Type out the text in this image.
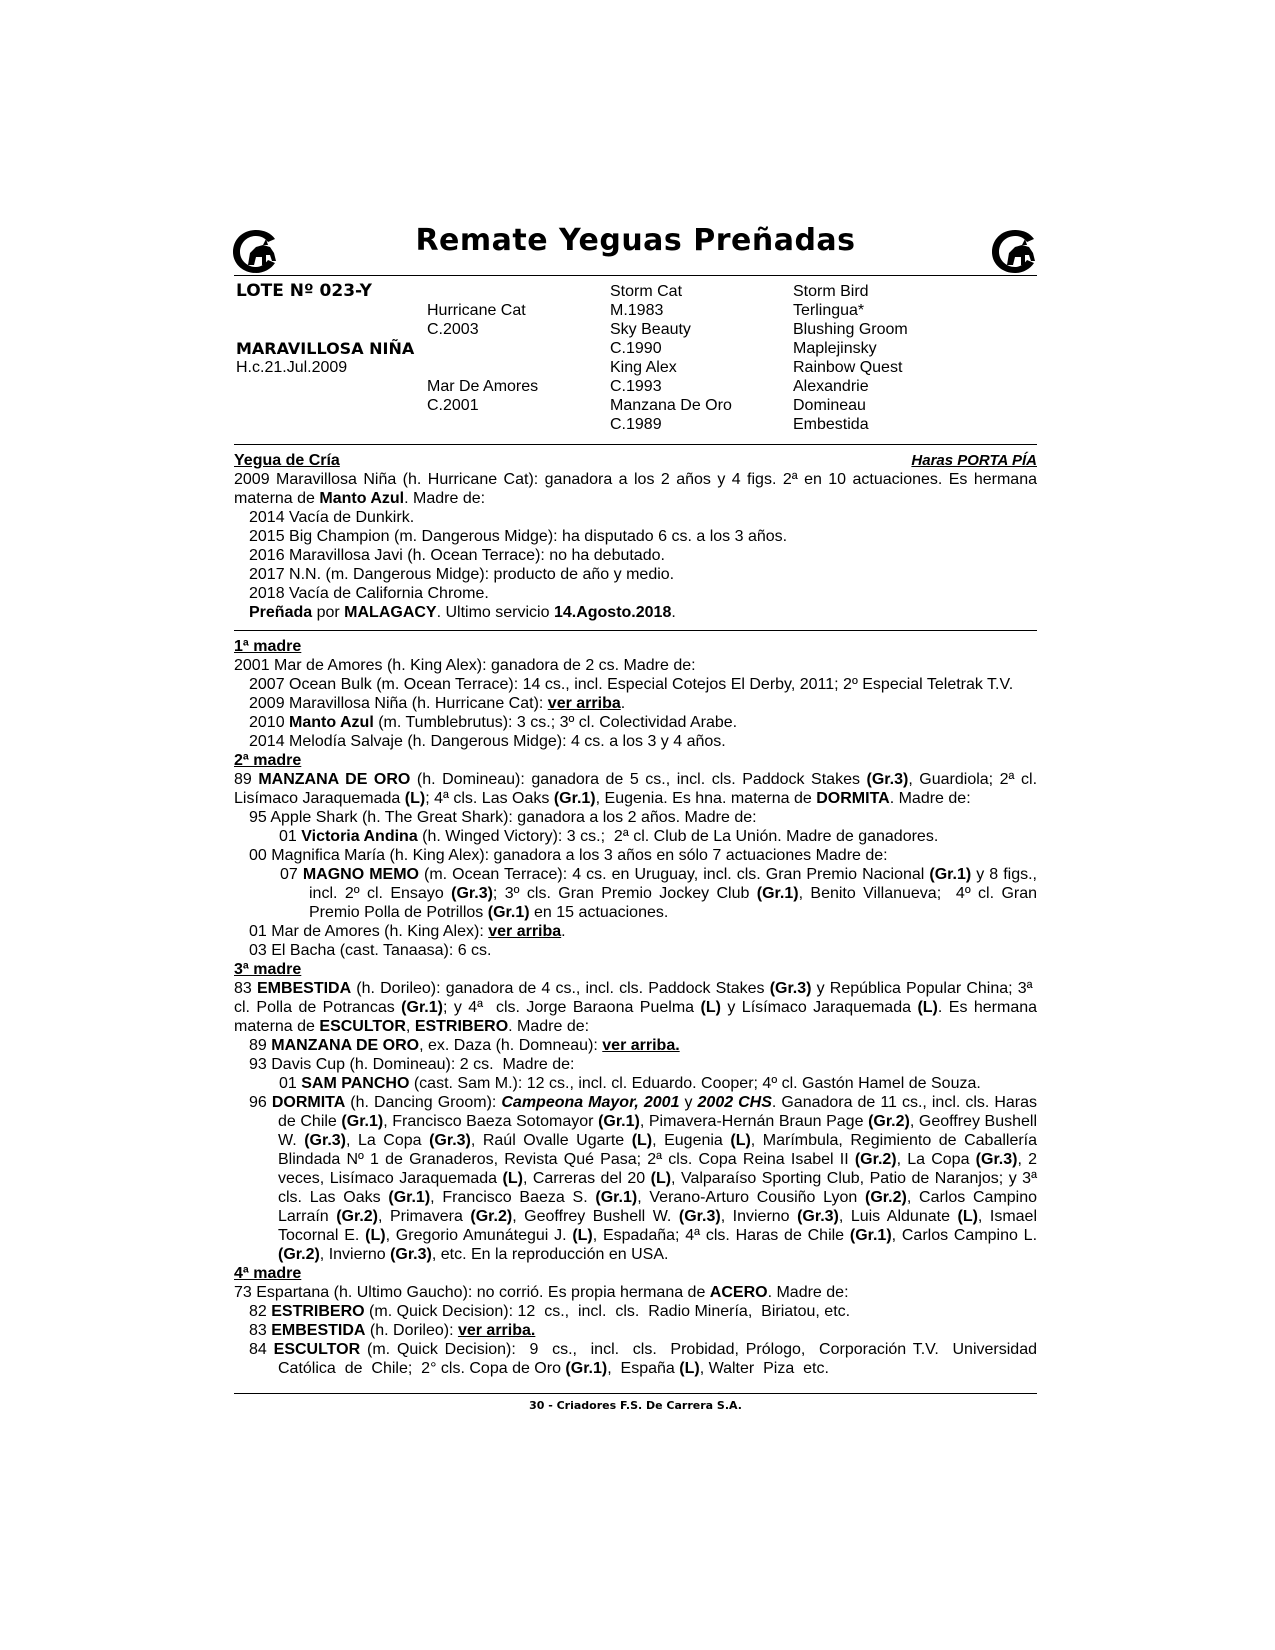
Remate Yeguas Preñadas
LOTE Nº 023-Y
MARAVILLOSA NIÑA
H.c.21.Jul.2009
Hurricane Cat
C.2003
Mar De Amores
C.2001
Storm Cat
M.1983
Sky Beauty
C.1990
King Alex
C.1993
Manzana De Oro
C.1989
Storm Bird
Terlingua*
Blushing Groom
Maplejinsky
Rainbow Quest
Alexandrie
Domineau
Embestida
Yegua de Cría	Haras PORTA PÍA

2009 Maravillosa Niña (h. Hurricane Cat): ganadora a los 2 años y 4 figs. 2ª en 10 actuaciones. Es hermana materna de Manto Azul. Madre de:

2014 Vacía de Dunkirk.

2015 Big Champion (m. Dangerous Midge): ha disputado 6 cs. a los 3 años.

2016 Maravillosa Javi (h. Ocean Terrace): no ha debutado.

2017 N.N. (m. Dangerous Midge): producto de año y medio.

2018 Vacía de California Chrome.

Preñada por MALAGACY. Ultimo servicio 14.Agosto.2018.

1ª madre

2001 Mar de Amores (h. King Alex): ganadora de 2 cs. Madre de:

2007 Ocean Bulk (m. Ocean Terrace): 14 cs., incl. Especial Cotejos El Derby, 2011; 2º Especial Teletrak T.V.

2009 Maravillosa Niña (h. Hurricane Cat): ver arriba.

2010 Manto Azul (m. Tumblebrutus): 3 cs.; 3º cl. Colectividad Arabe.

2014 Melodía Salvaje (h. Dangerous Midge): 4 cs. a los 3 y 4 años.

2ª madre

89 MANZANA DE ORO (h. Domineau): ganadora de 5 cs., incl. cls. Paddock Stakes (Gr.3), Guardiola; 2ª cl. Lisímaco Jaraquemada (L); 4ª cls. Las Oaks (Gr.1), Eugenia. Es hna. materna de DORMITA. Madre de:

95 Apple Shark (h. The Great Shark): ganadora a los 2 años. Madre de:

01 Victoria Andina (h. Winged Victory): 3 cs.;  2ª cl. Club de La Unión. Madre de ganadores.

00 Magnifica María (h. King Alex): ganadora a los 3 años en sólo 7 actuaciones Madre de:

07 MAGNO MEMO (m. Ocean Terrace): 4 cs. en Uruguay, incl. cls. Gran Premio Nacional (Gr.1) y 8 figs., incl. 2º cl. Ensayo (Gr.3); 3º cls. Gran Premio Jockey Club (Gr.1), Benito Villanueva;  4º cl. Gran Premio Polla de Potrillos (Gr.1) en 15 actuaciones.

01 Mar de Amores (h. King Alex): ver arriba.

03 El Bacha (cast. Tanaasa): 6 cs.

3ª madre

83 EMBESTIDA (h. Dorileo): ganadora de 4 cs., incl. cls. Paddock Stakes (Gr.3) y República Popular China; 3ª  cl. Polla de Potrancas (Gr.1); y 4ª  cls. Jorge Baraona Puelma (L) y Lísímaco Jaraquemada (L). Es hermana materna de ESCULTOR, ESTRIBERO. Madre de:

89 MANZANA DE ORO, ex. Daza (h. Domneau): ver arriba.

93 Davis Cup (h. Domineau): 2 cs.  Madre de:

01 SAM PANCHO (cast. Sam M.): 12 cs., incl. cl. Eduardo. Cooper; 4º cl. Gastón Hamel de Souza.

96 DORMITA (h. Dancing Groom): Campeona Mayor, 2001 y 2002 CHS. Ganadora de 11 cs., incl. cls. Haras de Chile (Gr.1), Francisco Baeza Sotomayor (Gr.1), Pimavera-Hernán Braun Page (Gr.2), Geoffrey Bushell W. (Gr.3), La Copa (Gr.3), Raúl Ovalle Ugarte (L), Eugenia (L), Marímbula, Regimiento de Caballería Blindada Nº 1 de Granaderos, Revista Qué Pasa; 2ª cls. Copa Reina Isabel II (Gr.2), La Copa (Gr.3), 2 veces, Lisímaco Jaraquemada (L), Carreras del 20 (L), Valparaíso Sporting Club, Patio de Naranjos; y 3ª cls. Las Oaks (Gr.1), Francisco Baeza S. (Gr.1), Verano-Arturo Cousiño Lyon (Gr.2), Carlos Campino Larraín (Gr.2), Primavera (Gr.2), Geoffrey Bushell W. (Gr.3), Invierno (Gr.3), Luis Aldunate (L), Ismael Tocornal E. (L), Gregorio Amunátegui J. (L), Espadaña; 4ª cls. Haras de Chile (Gr.1), Carlos Campino L. (Gr.2), Invierno (Gr.3), etc. En la reproducción en USA.

4ª madre

73 Espartana (h. Ultimo Gaucho): no corrió. Es propia hermana de ACERO. Madre de:

82 ESTRIBERO (m. Quick Decision): 12  cs.,  incl.  cls.  Radio Minería,  Biriatou, etc.

83 EMBESTIDA (h. Dorileo): ver arriba.

84 ESCULTOR (m. Quick Decision):  9  cs.,  incl.  cls.  Probidad, Prólogo,  Corporación T.V.  Universidad Católica  de  Chile;  2° cls. Copa de Oro (Gr.1),  España (L), Walter  Piza  etc.

30 - Criadores F.S. De Carrera S.A.
